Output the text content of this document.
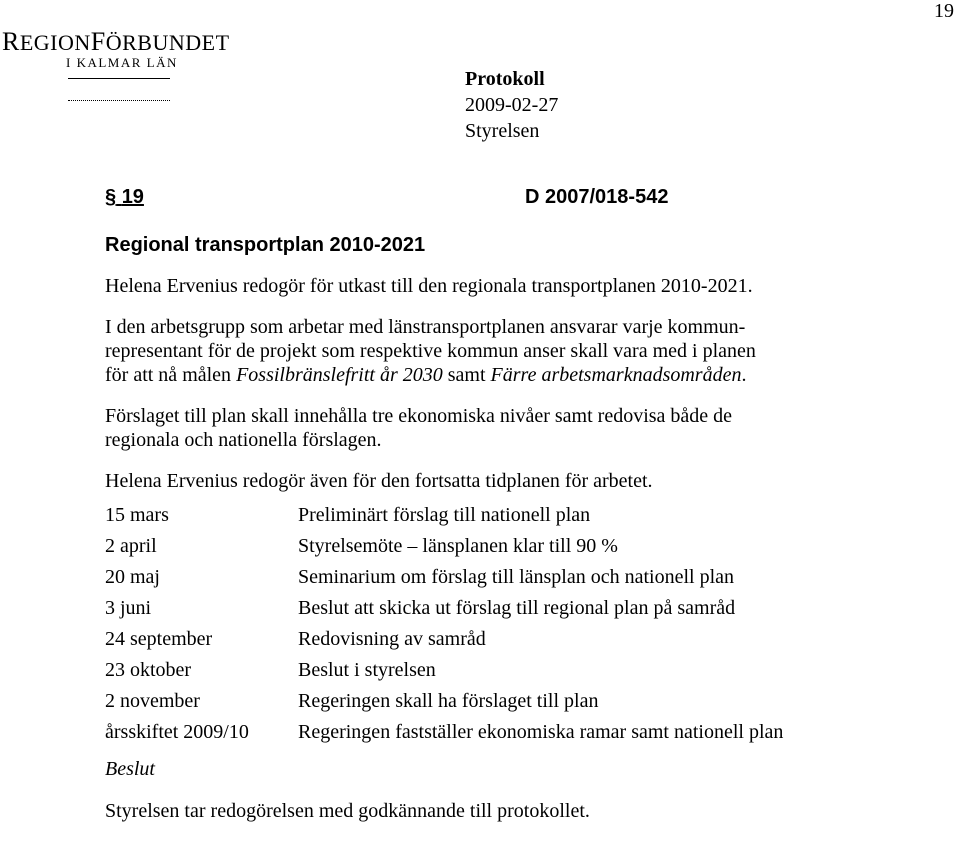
19
REGIONFÖRBUNDET
I KALMAR LÄN
Protokoll
2009-02-27
Styrelsen
§ 19	D 2007/018-542
Regional transportplan 2010-2021

Helena Ervenius redogör för utkast till den regionala transportplanen 2010-2021.

I den arbetsgrupp som arbetar med länstransportplanen ansvarar varje kommun-
representant för de projekt som respektive kommun anser skall vara med i planen
för att nå målen Fossilbränslefritt år 2030 samt Färre arbetsmarknadsområden.

Förslaget till plan skall innehålla tre ekonomiska nivåer samt redovisa både de
regionala och nationella förslagen.

Helena Ervenius redogör även för den fortsatta tidplanen för arbetet.

15 mars	Preliminärt förslag till nationell plan
2 april	Styrelsemöte – länsplanen klar till 90 %
20 maj	Seminarium om förslag till länsplan och nationell plan
3 juni	Beslut att skicka ut förslag till regional plan på samråd
24 september	Redovisning av samråd
23 oktober	Beslut i styrelsen
2 november	Regeringen skall ha förslaget till plan
årsskiftet 2009/10	Regeringen fastställer ekonomiska ramar samt nationell plan
Beslut
Styrelsen tar redogörelsen med godkännande till protokollet.
